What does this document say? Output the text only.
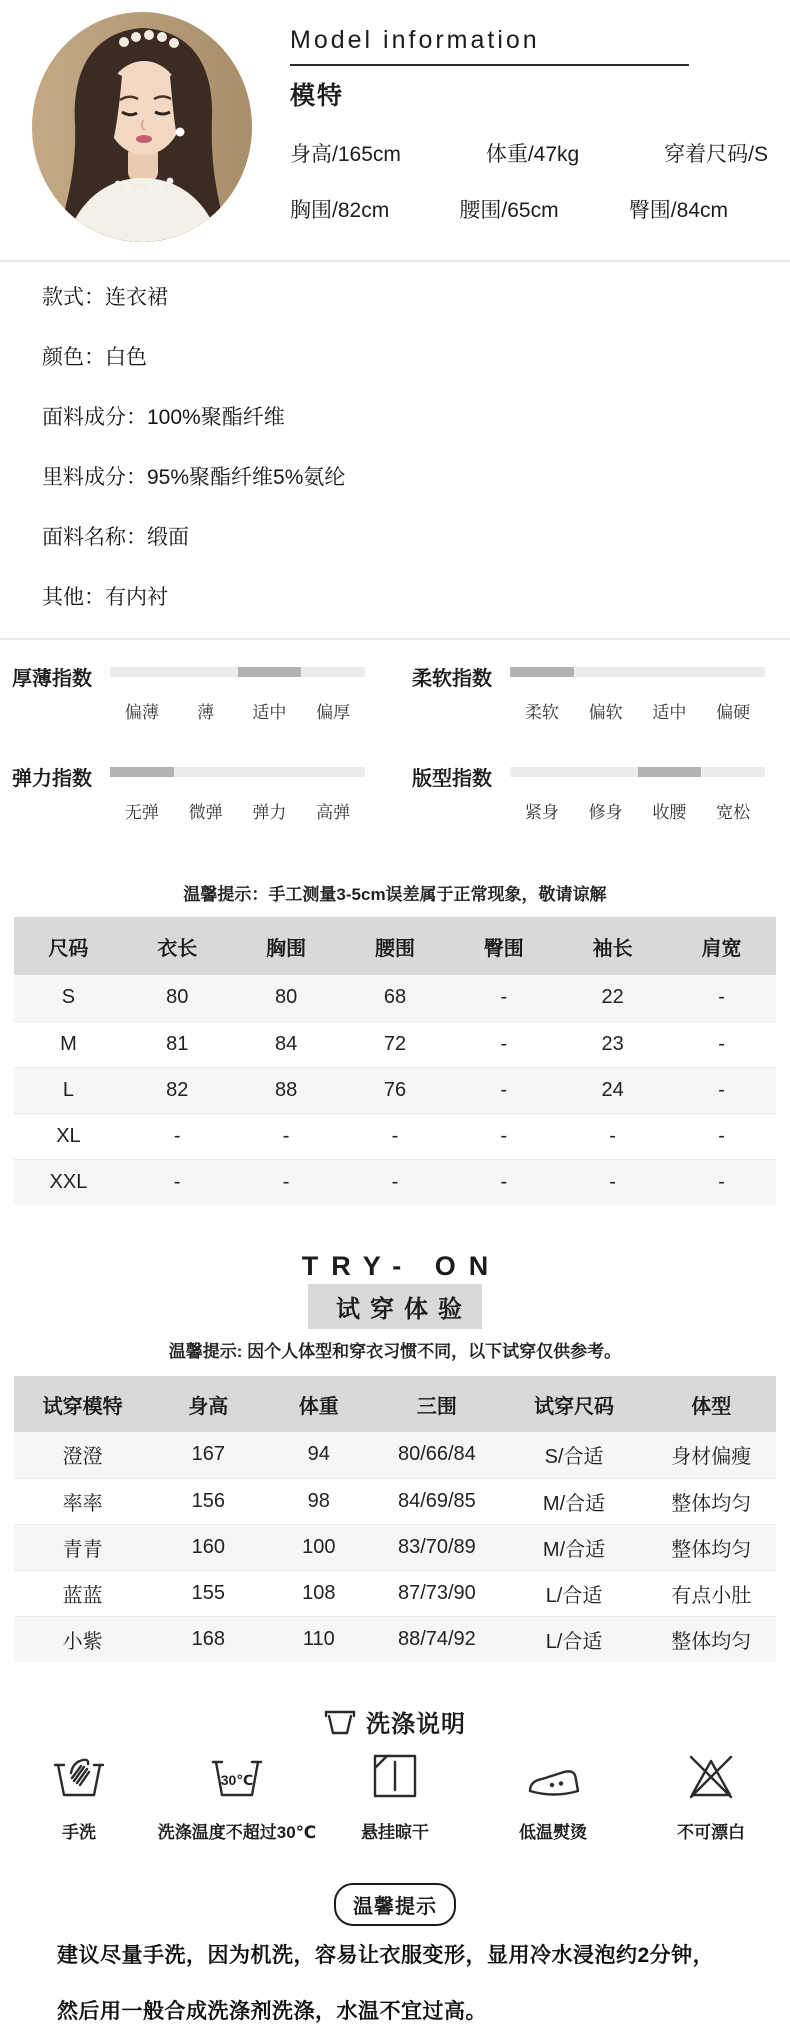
Model information
模特
身高/165cm	体重/47kg	穿着尺码/S
胸围/82cm	腰围/65cm	臀围/84cm
款式：连衣裙
颜色：白色
面料成分：100%聚酯纤维
里料成分：95%聚酯纤维5%氨纶
面料名称：缎面
其他：有内衬
厚薄指数
偏薄	薄	适中	偏厚
柔软指数
柔软	偏软	适中	偏硬
弹力指数
无弹	微弹	弹力	高弹
版型指数
紧身	修身	收腰	宽松
温馨提示：手工测量3-5cm误差属于正常现象，敬请谅解
尺码	衣长	胸围	腰围	臀围	袖长	肩宽
S	80	80	68	-	22	-
M	81	84	72	-	23	-
L	82	88	76	-	24	-
XL	-	-	-	-	-	-
XXL	-	-	-	-	-	-
TRY- ON
试穿体验
温馨提示: 因个人体型和穿衣习惯不同，以下试穿仅供参考。
试穿模特	身高	体重	三围	试穿尺码	体型
澄澄	167	94	80/66/84	S/合适	身材偏瘦
率率	156	98	84/69/85	M/合适	整体均匀
青青	160	100	83/70/89	M/合适	整体均匀
蓝蓝	155	108	87/73/90	L/合适	有点小肚
小紫	168	110	88/74/92	L/合适	整体均匀
洗涤说明
手洗
30℃
洗涤温度不超过30℃	悬挂晾干	低温熨烫	不可漂白
温馨提示
建议尽量手洗，因为机洗，容易让衣服变形，显用冷水浸泡约2分钟，然后用一般合成洗涤剂洗涤，水温不宜过高。
